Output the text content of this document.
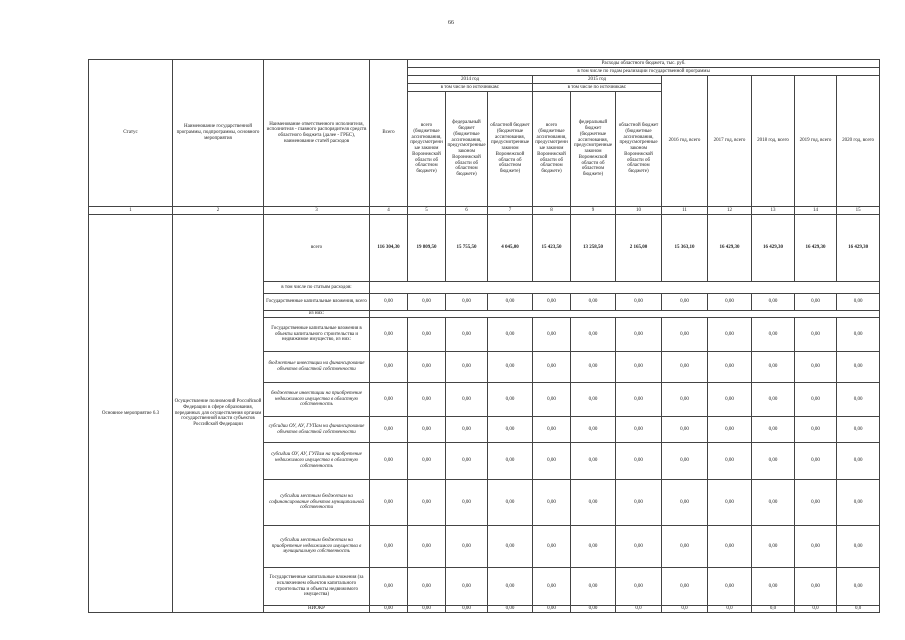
66
Статус	Наименование государственной программы, подпрограммы, основного мероприятия	Наименование ответственного исполнителя, исполнителя - главного распорядителя средств областного бюджета (далее - ГРБС), наименование статей расходов	Всего	Расходы областного бюджета, тыс. руб.										
				в том числе по годам реализации государственной программы										
				2014 год			2015 год			2016 год, всего	2017 год, всего	2018 год, всего	2019 год, всего	2020 год, всего
				в том числе по источникам:			в том числе по источникам:							
				всего (бюджетные ассигнования, предусмотренные законом Воронежской области об областном бюджете)	федеральный бюджет (бюджетные ассигнования, предусмотренные законом Воронежской области об областном бюджете)	областной бюджет (бюджетные ассигнования, предусмотренные законом Воронежской области об областном бюджете)	всего (бюджетные ассигнования, предусмотренные законом Воронежской области об областном бюджете)	федеральный бюджет (бюджетные ассигнования, предусмотренные законом Воронежской области об областном бюджете)	областной бюджет (бюджетные ассигнования, предусмотренные законом Воронежской области об областном бюджете)					
1	2	3	4	5	6	7	8	9	10	11	12	13	14	15
Основное мероприятие 6.3	Осуществление полномочий Российской Федерации в сфере образования, переданных для осуществления органам государственной власти субъектов Российской Федерации	всего	116 304,30	19 809,50	15 755,50	4 045,00	15 423,50	13 258,50	2 165,00	15 363,10	16 429,30	16 429,30	16 429,30	16 429,30
		в том числе по статьям расходов:												
		Государственные капитальные вложения, всего	0,00	0,00	0,00	0,00	0,00	0,00	0,00	0,00	0,00	0,00	0,00	0,00
		из них:												
		Государственные капитальные вложения в объекты капитального строительства и недвижимое имущество, из них:	0,00	0,00	0,00	0,00	0,00	0,00	0,00	0,00	0,00	0,00	0,00	0,00
		бюджетные инвестиции на финансирование объектов областной собственности	0,00	0,00	0,00	0,00	0,00	0,00	0,00	0,00	0,00	0,00	0,00	0,00
		бюджетные инвестиции на приобретение недвижимого имущества в областную собственность	0,00	0,00	0,00	0,00	0,00	0,00	0,00	0,00	0,00	0,00	0,00	0,00
		субсидии ОУ, АУ, ГУПам на финансирование объектов областной собственности	0,00	0,00	0,00	0,00	0,00	0,00	0,00	0,00	0,00	0,00	0,00	0,00
		субсидии ОУ, АУ, ГУПам на приобретение недвижимого имущества в областную собственность	0,00	0,00	0,00	0,00	0,00	0,00	0,00	0,00	0,00	0,00	0,00	0,00
		субсидии местным бюджетам на софинансирование объектов муниципальной собственности	0,00	0,00	0,00	0,00	0,00	0,00	0,00	0,00	0,00	0,00	0,00	0,00
		субсидии местным бюджетам на приобретение недвижимого имущества в муниципальную собственность	0,00	0,00	0,00	0,00	0,00	0,00	0,00	0,00	0,00	0,00	0,00	0,00
		Государственные капитальные вложения (за исключением объектов капитального строительства и объекты недвижимого имущества)	0,00	0,00	0,00	0,00	0,00	0,00	0,00	0,00	0,00	0,00	0,00	0,00
		НИОКР	0,00	0,00	0,00	0,00	0,00	0,00	0,0	0,0	0,0	0,0	0,0	0,0
